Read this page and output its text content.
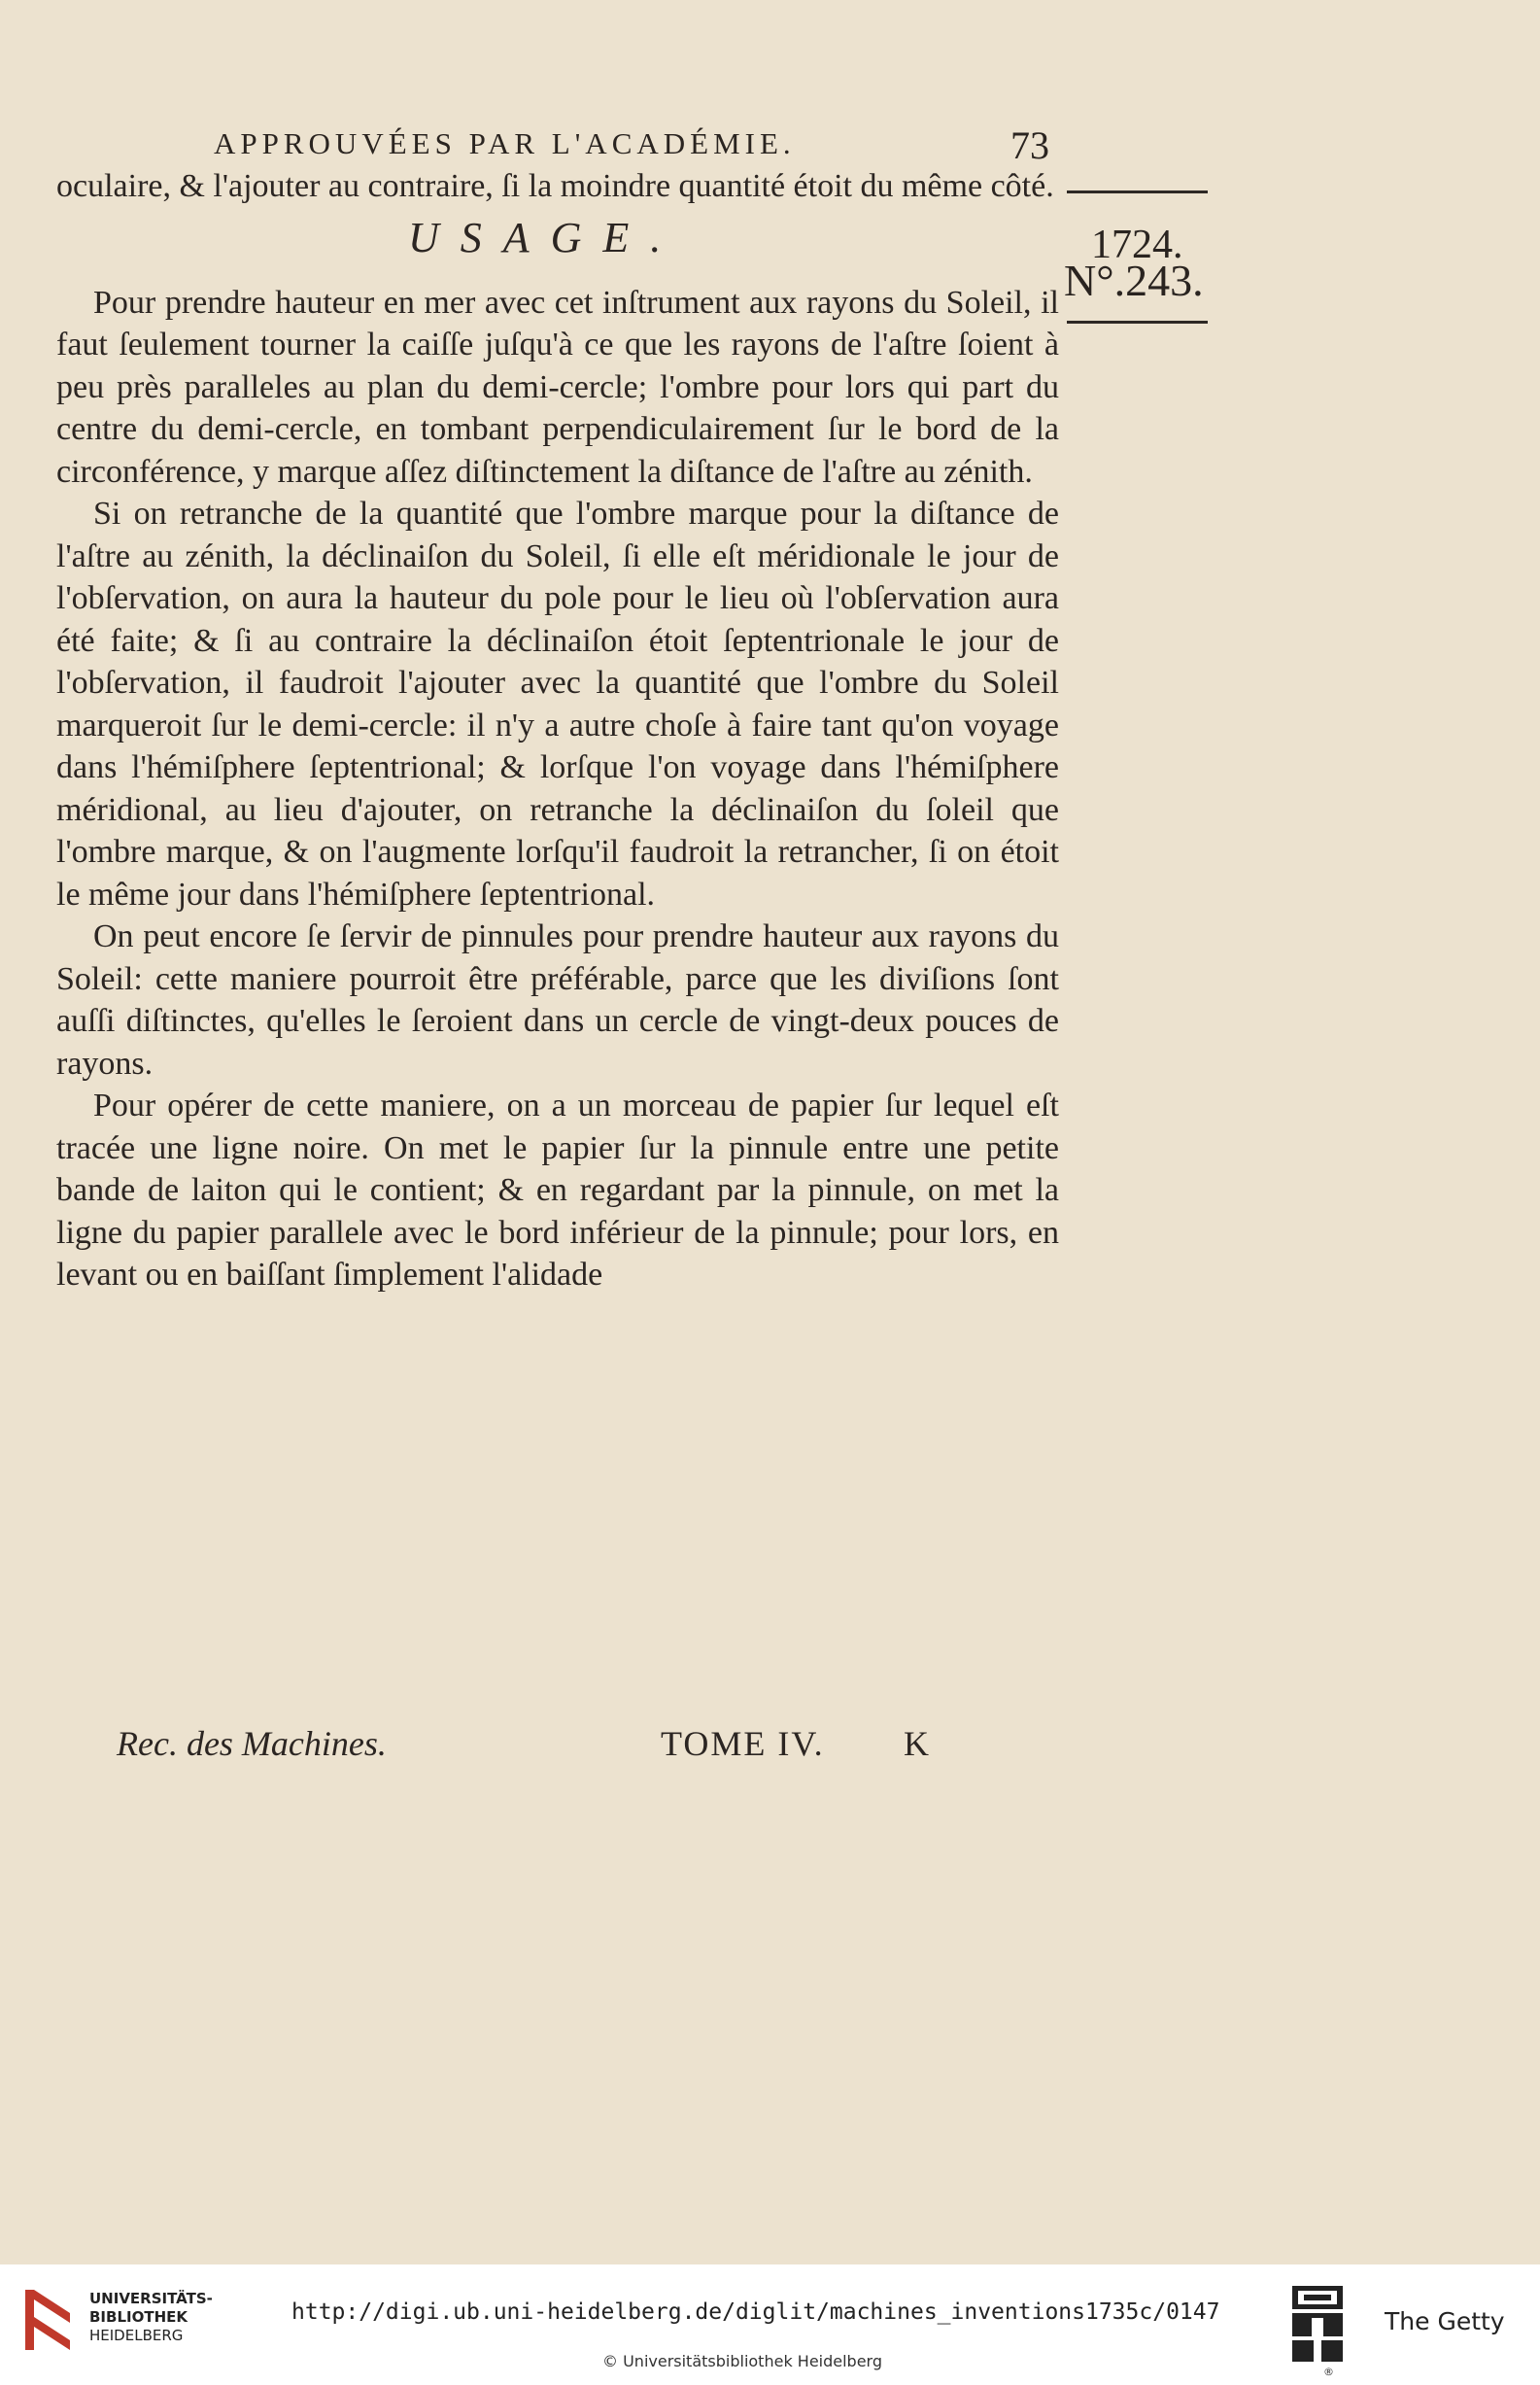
APPROUVÉES PAR L'ACADÉMIE.	73
1724.
N°.243.

oculaire, & l'ajouter au contraire, ſi la moindre quantité étoit du même côté.

USAGE.

Pour prendre hauteur en mer avec cet inſtrument aux rayons du Soleil, il faut ſeulement tourner la caiſſe juſqu'à ce que les rayons de l'aſtre ſoient à peu près paralleles au plan du demi-cercle; l'ombre pour lors qui part du centre du demi-cercle, en tombant perpendiculairement ſur le bord de la circonférence, y marque aſſez diſtinctement la diſtance de l'aſtre au zénith.

Si on retranche de la quantité que l'ombre marque pour la diſtance de l'aſtre au zénith, la déclinaiſon du Soleil, ſi elle eſt méridionale le jour de l'obſervation, on aura la hauteur du pole pour le lieu où l'obſervation aura été faite; & ſi au contraire la déclinaiſon étoit ſeptentrionale le jour de l'obſervation, il faudroit l'ajouter avec la quantité que l'ombre du Soleil marqueroit ſur le demi-cercle: il n'y a autre choſe à faire tant qu'on voyage dans l'hémiſphere ſeptentrional; & lorſque l'on voyage dans l'hémiſphere méridional, au lieu d'ajouter, on retranche la déclinaiſon du ſoleil que l'ombre marque, & on l'augmente lorſqu'il faudroit la retrancher, ſi on étoit le même jour dans l'hémiſphere ſeptentrional.

On peut encore ſe ſervir de pinnules pour prendre hauteur aux rayons du Soleil: cette maniere pourroit être préférable, parce que les diviſions ſont auſſi diſtinctes, qu'elles le ſeroient dans un cercle de vingt-deux pouces de rayons.

Pour opérer de cette maniere, on a un morceau de papier ſur lequel eſt tracée une ligne noire. On met le papier ſur la pinnule entre une petite bande de laiton qui le contient; & en regardant par la pinnule, on met la ligne du papier parallele avec le bord inférieur de la pinnule; pour lors, en levant ou en baiſſant ſimplement l'alidade

Rec. des Machines.	TOME IV. K
UNIVERSITÄTS-
BIBLIOTHEK
HEIDELBERG
http://digi.ub.uni-heidelberg.de/diglit/machines_inventions1735c/0147
© Universitätsbibliothek Heidelberg
®
The Getty
